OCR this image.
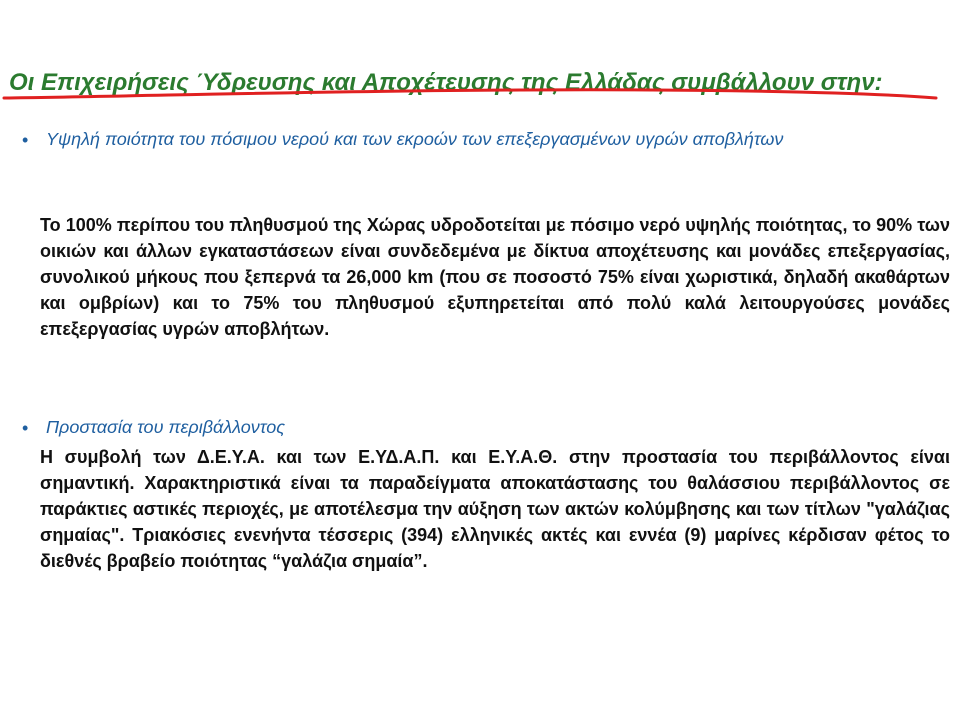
Οι Επιχειρήσεις Ύδρευσης και Αποχέτευσης της Ελλάδας συμβάλλουν στην:
• Υψηλή ποιότητα του πόσιμου νερού και των εκροών των επεξεργασμένων υγρών αποβλήτων

Το 100% περίπου του πληθυσμού της Χώρας υδροδοτείται με πόσιμο νερό υψηλής ποιότητας, το 90% των οικιών και άλλων εγκαταστάσεων είναι συνδεδεμένα με δίκτυα αποχέτευσης και μονάδες επεξεργασίας, συνολικού μήκους που ξεπερνά τα 26,000 km (που σε ποσοστό 75% είναι χωριστικά, δηλαδή ακαθάρτων και ομβρίων) και το 75% του πληθυσμού εξυπηρετείται από πολύ καλά λειτουργούσες μονάδες επεξεργασίας υγρών αποβλήτων.

• Προστασία του περιβάλλοντος

Η συμβολή των Δ.Ε.Υ.Α. και των Ε.ΥΔ.Α.Π. και Ε.Υ.Α.Θ. στην προστασία του περιβάλλοντος είναι σημαντική. Χαρακτηριστικά είναι τα παραδείγματα αποκατάστασης του θαλάσσιου περιβάλλοντος σε παράκτιες αστικές περιοχές, με αποτέλεσμα την αύξηση των ακτών κολύμβησης και των τίτλων "γαλάζιας σημαίας". Τριακόσιες ενενήντα τέσσερις (394) ελληνικές ακτές και εννέα (9) μαρίνες κέρδισαν φέτος το διεθνές βραβείο ποιότητας “γαλάζια σημαία”.
